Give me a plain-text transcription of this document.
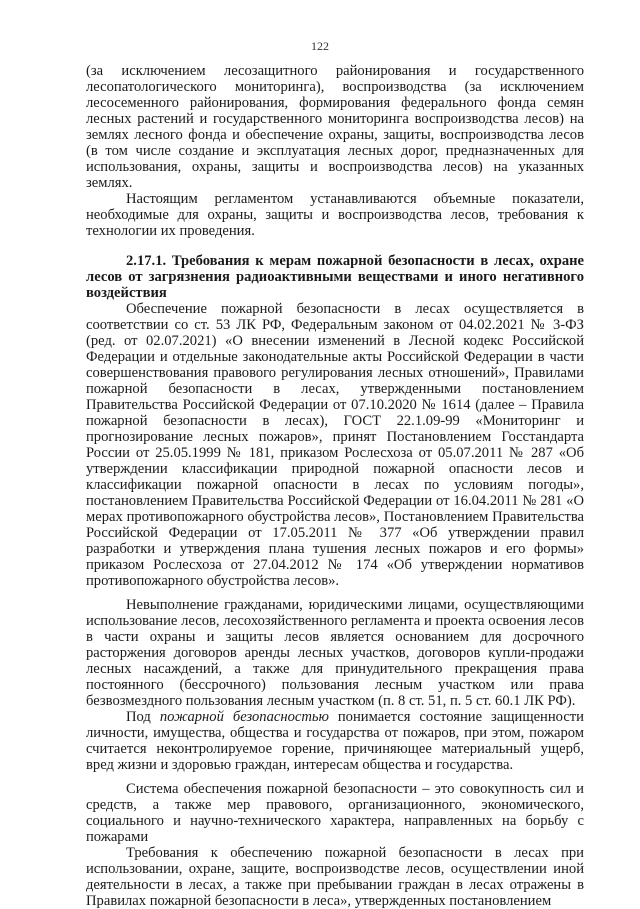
122

(за исключением лесозащитного районирования и государственного лесопатологического мониторинга), воспроизводства (за исключением лесосеменного районирования, формирования федерального фонда семян лесных растений и государственного мониторинга воспроизводства лесов) на землях лесного фонда и обеспечение охраны, защиты, воспроизводства лесов (в том числе создание и эксплуатация лесных дорог, предназначенных для использования, охраны, защиты и воспроизводства лесов) на указанных землях.

Настоящим регламентом устанавливаются объемные показатели, необходимые для охраны, защиты и воспроизводства лесов, требования к технологии их проведения.

2.17.1. Требования к мерам пожарной безопасности в лесах, охране лесов от загрязнения радиоактивными веществами и иного негативного воздействия

Обеспечение пожарной безопасности в лесах осуществляется в соответствии со ст. 53 ЛК РФ, Федеральным законом от 04.02.2021 № 3-ФЗ (ред. от 02.07.2021) «О внесении изменений в Лесной кодекс Российской Федерации и отдельные законодательные акты Российской Федерации в части совершенствования правового регулирования лесных отношений», Правилами пожарной безопасности в лесах, утвержденными постановлением Правительства Российской Федерации от 07.10.2020 № 1614 (далее – Правила пожарной безопасности в лесах), ГОСТ 22.1.09-99 «Мониторинг и прогнозирование лесных пожаров», принят Постановлением Госстандарта России от 25.05.1999 № 181, приказом Рослесхоза от 05.07.2011 № 287 «Об утверждении классификации природной пожарной опасности лесов и классификации пожарной опасности в лесах по условиям погоды», постановлением Правительства Российской Федерации от 16.04.2011 № 281 «О мерах противопожарного обустройства лесов», Постановлением Правительства Российской Федерации от 17.05.2011 № 377 «Об утверждении правил разработки и утверждения плана тушения лесных пожаров и его формы» приказом Рослесхоза от 27.04.2012 № 174 «Об утверждении нормативов противопожарного обустройства лесов».

Невыполнение гражданами, юридическими лицами, осуществляющими использование лесов, лесохозяйственного регламента и проекта освоения лесов в части охраны и защиты лесов является основанием для досрочного расторжения договоров аренды лесных участков, договоров купли-продажи лесных насаждений, а также для принудительного прекращения права постоянного (бессрочного) пользования лесным участком или права безвозмездного пользования лесным участком (п. 8 ст. 51, п. 5 ст. 60.1 ЛК РФ).

Под пожарной безопасностью понимается состояние защищенности личности, имущества, общества и государства от пожаров, при этом, пожаром считается неконтролируемое горение, причиняющее материальный ущерб, вред жизни и здоровью граждан, интересам общества и государства.

Система обеспечения пожарной безопасности – это совокупность сил и средств, а также мер правового, организационного, экономического, социального и научно-технического характера, направленных на борьбу с пожарами

Требования к обеспечению пожарной безопасности в лесах при использовании, охране, защите, воспроизводстве лесов, осуществлении иной деятельности в лесах, а также при пребывании граждан в лесах отражены в Правилах пожарной безопасности в леса», утвержденных постановлением
